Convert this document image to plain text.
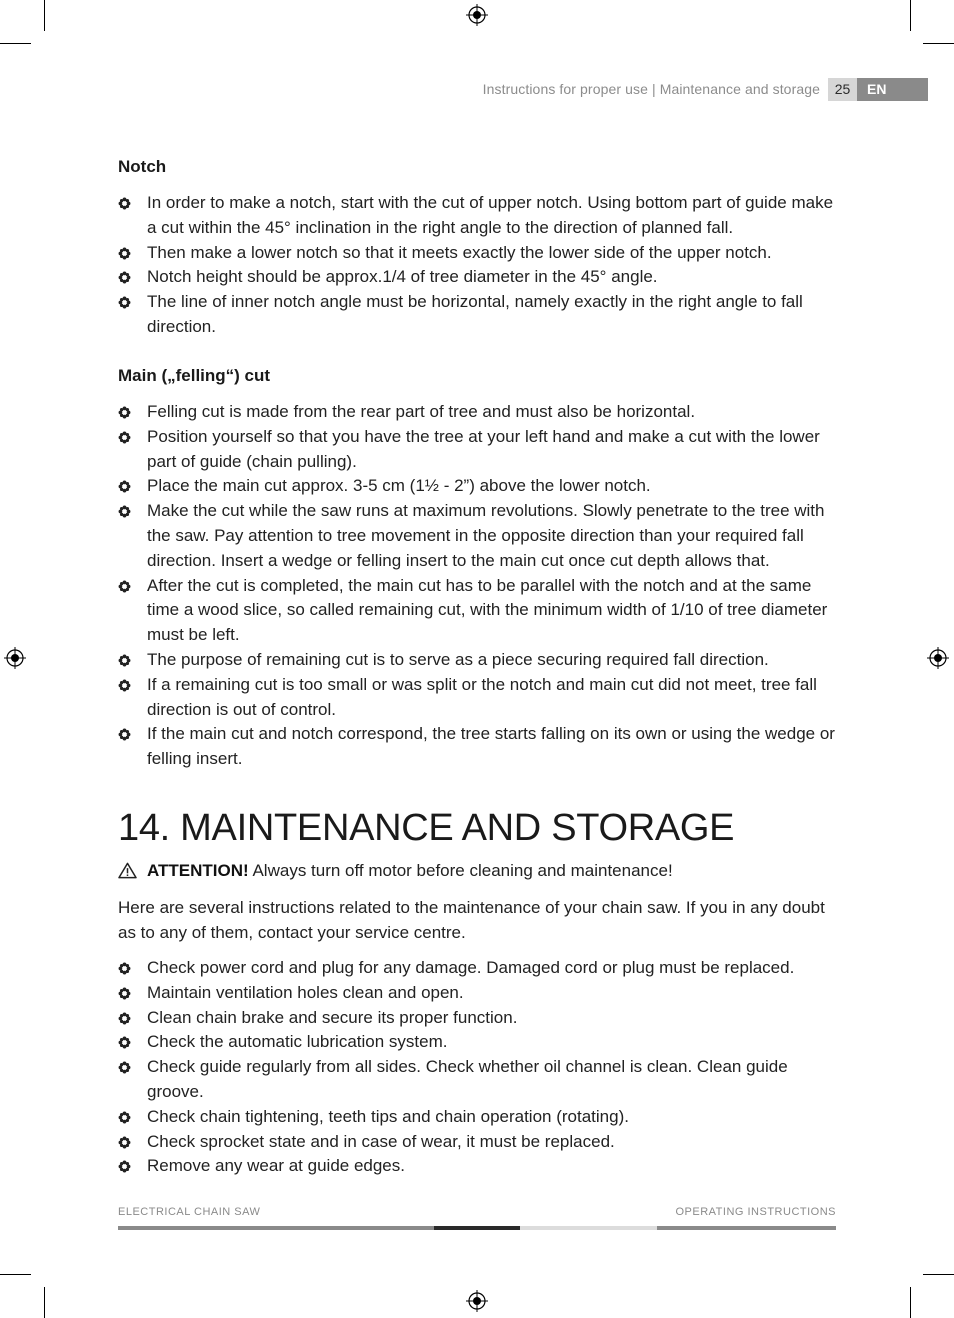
Instructions for proper use | Maintenance and storage	25	EN
Notch
In order to make a notch, start with the cut of upper notch. Using bottom part of guide make a cut within the 45° inclination in the right angle to the direction of planned fall.
Then make a lower notch so that it meets exactly the lower side of the upper notch.
Notch height should be approx.1/4 of tree diameter in the 45° angle.
The line of inner notch angle must be horizontal, namely exactly in the right angle to fall direction.
Main („felling“) cut
Felling cut is made from the rear part of tree and must also be horizontal.
Position yourself so that you have the tree at your left hand and make a cut with the lower part of guide (chain pulling).
Place the main cut approx. 3-5 cm (1½ - 2”) above the lower notch.
Make the cut while the saw runs at maximum revolutions. Slowly penetrate to the tree with the saw. Pay attention to tree movement in the opposite direction than your required fall direction. Insert a wedge or felling insert to the main cut once cut depth allows that.
After the cut is completed, the main cut has to be parallel with the notch and at the same time a wood slice, so called remaining cut, with the minimum width of 1/10 of tree diameter must be left.
The purpose of remaining cut is to serve as a piece securing required fall direction.
If a remaining cut is too small or was split or the notch and main cut did not meet, tree fall direction is out of control.
If the main cut and notch correspond, the tree starts falling on its own or using the wedge or felling insert.
14. MAINTENANCE AND STORAGE
ATTENTION! Always turn off motor before cleaning and maintenance!

Here are several instructions related to the maintenance of your chain saw. If you in any doubt as to any of them, contact your service centre.

Check power cord and plug for any damage. Damaged cord or plug must be replaced.
Maintain ventilation holes clean and open.
Clean chain brake and secure its proper function.
Check the automatic lubrication system.
Check guide regularly from all sides. Check whether oil channel is clean. Clean guide groove.
Check chain tightening, teeth tips and chain operation (rotating).
Check sprocket state and in case of wear, it must be replaced.
Remove any wear at guide edges.
ELECTRICAL CHAIN SAW	OPERATING INSTRUCTIONS
